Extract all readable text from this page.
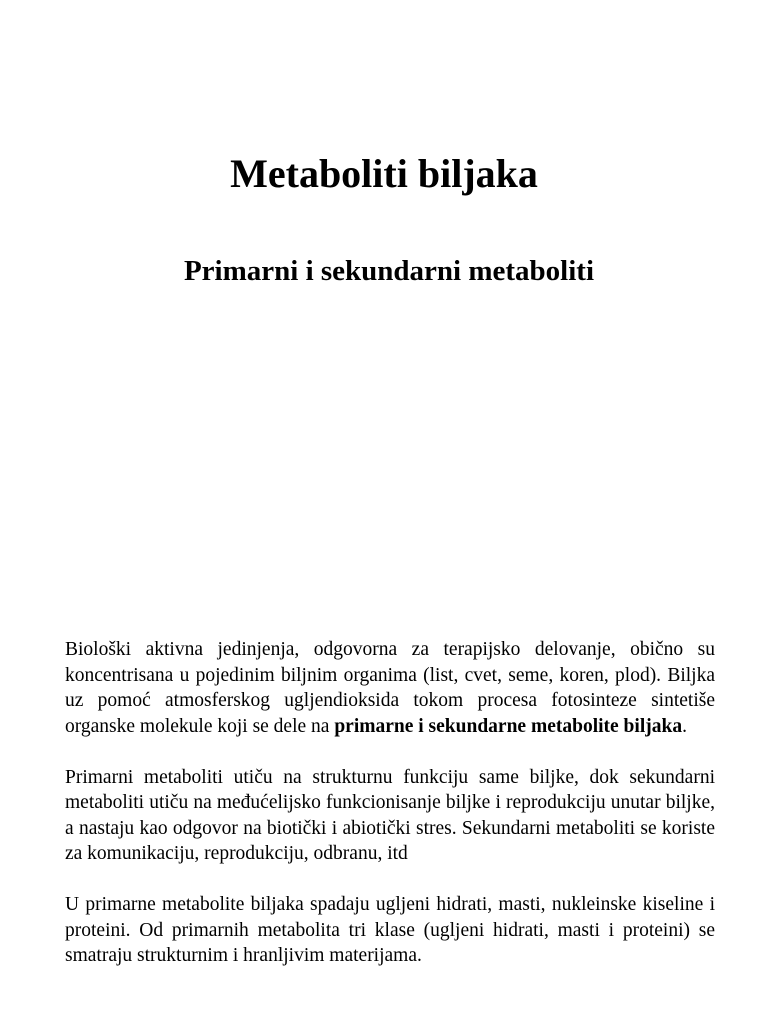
Metaboliti biljaka
Primarni i sekundarni metaboliti

Biološki aktivna jedinjenja, odgovorna za terapijsko delovanje, obično su koncentrisana u pojedinim biljnim organima (list, cvet, seme, koren, plod). Biljka uz pomoć atmosferskog ugljendioksida tokom procesa fotosinteze sintetiše organske molekule koji se dele na primarne i sekundarne metabolite biljaka.

Primarni metaboliti utiču na strukturnu funkciju same biljke, dok sekundarni metaboliti utiču na međućelijsko funkcionisanje biljke i reprodukciju unutar biljke, a nastaju kao odgovor na biotički i abiotički stres. Sekundarni metaboliti se koriste za komunikaciju, reprodukciju, odbranu, itd

U primarne metabolite biljaka spadaju ugljeni hidrati, masti, nukleinske kiseline i proteini. Od primarnih metabolita tri klase (ugljeni hidrati, masti i proteini) se smatraju strukturnim i hranljivim materijama.
